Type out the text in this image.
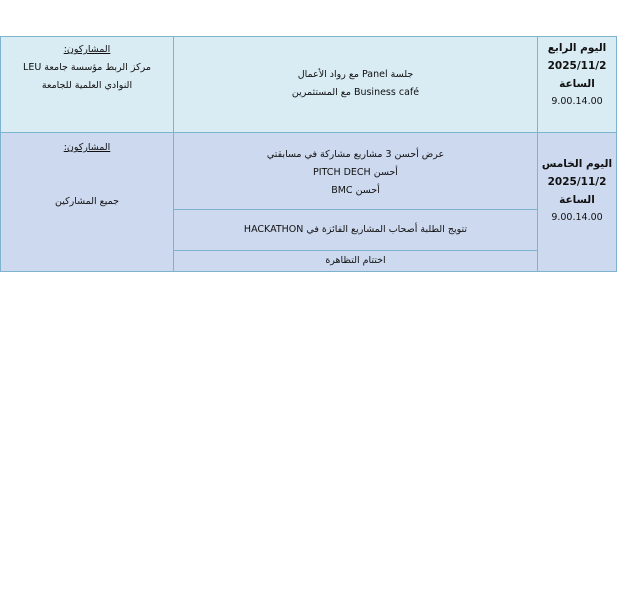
المشاركون:
مركز الربط مؤسسة جامعة LEU
النوادي العلمية للجامعة
جلسة Panel مع رواد الأعمال
Business café مع المستثمرين
اليوم الرابع
2025/11/2
الساعة
9.00.14.00
المشاركون:
جميع المشاركين
عرض أحسن 3 مشاريع مشاركة في مسابقتي
أحسن PITCH DECH
أحسن BMC
تتويج الطلبة أصحاب المشاريع الفائزة في HACKATHON
اختتام التظاهرة
اليوم الخامس
2025/11/2
الساعة
9.00.14.00
